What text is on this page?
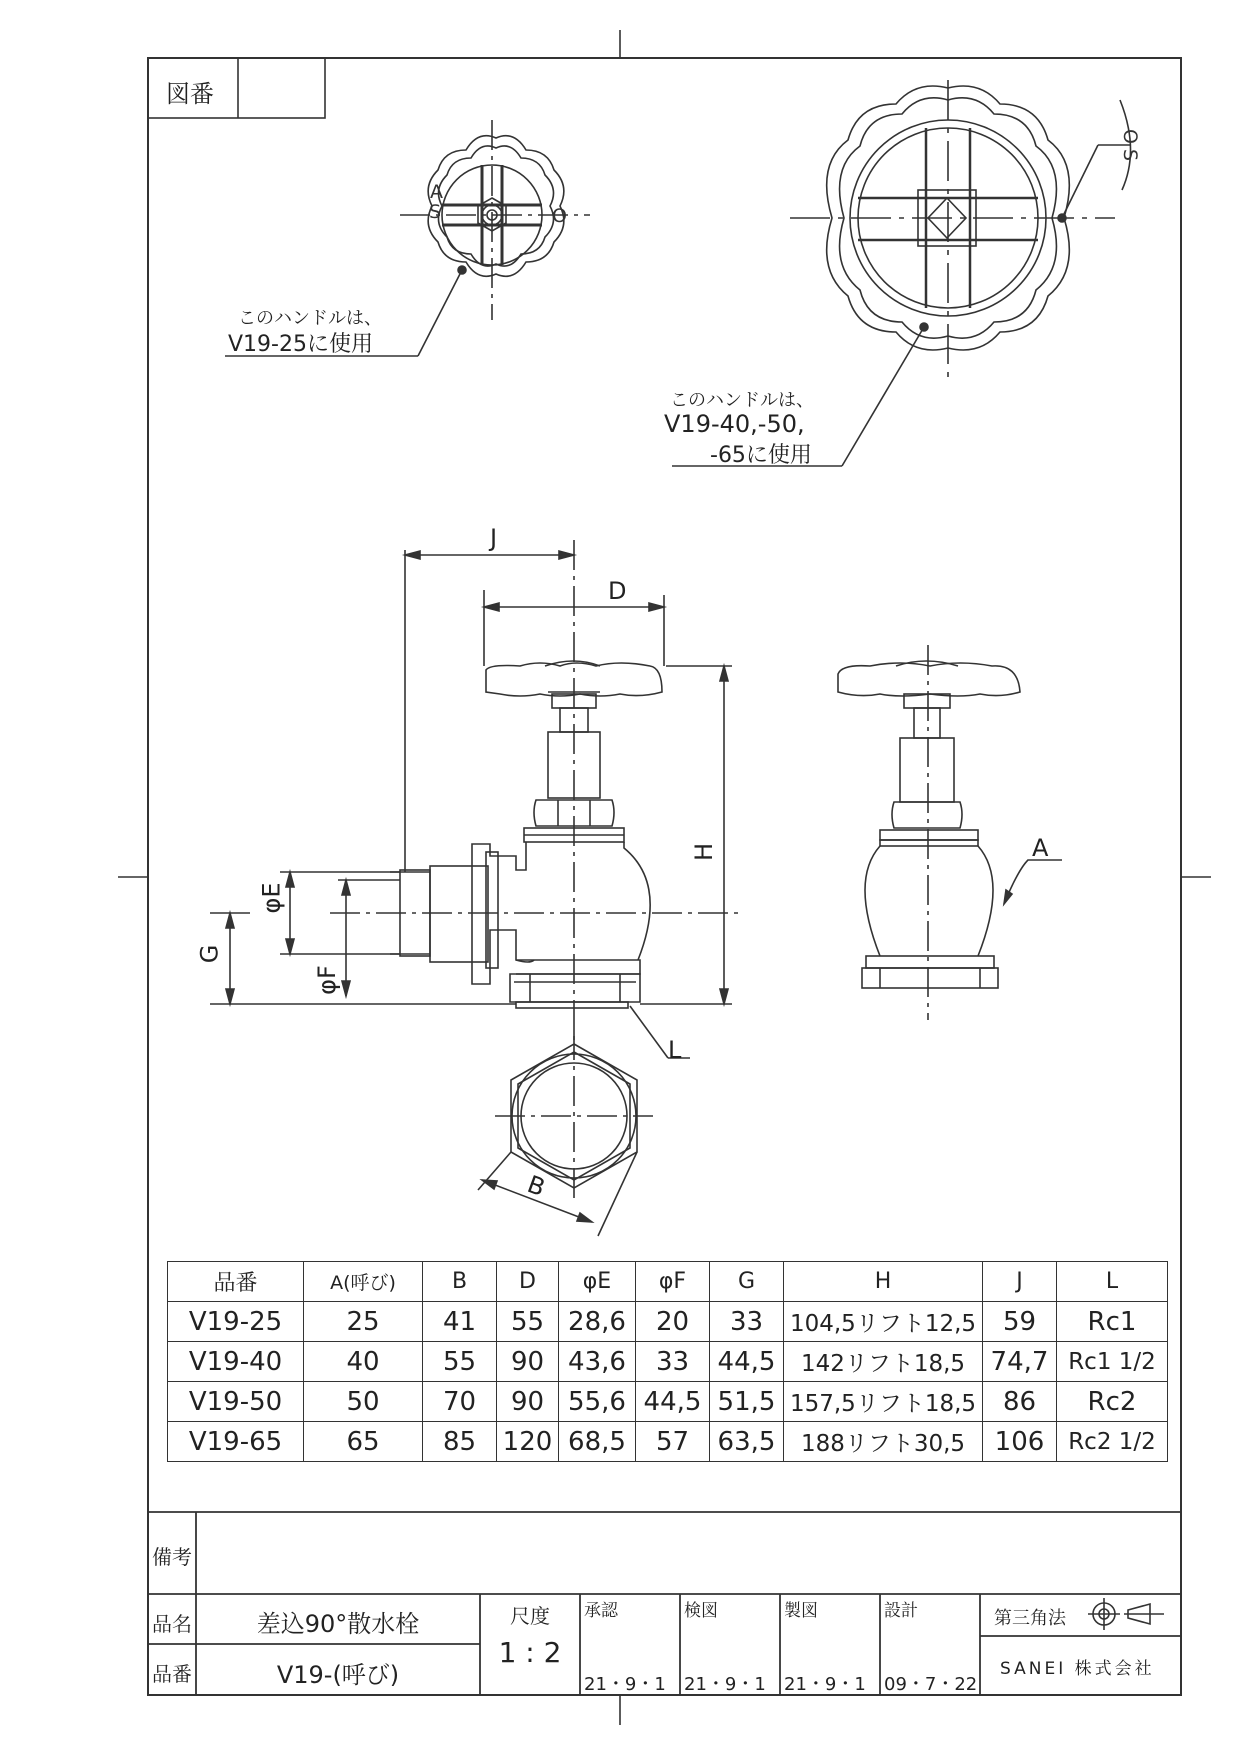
S
A
O
O
S
図番
このハンドルは、
V19-25に使用
このハンドルは、
V19-40,-50,
-65に使用
J
D
H
G
φE
φF
L
B
A
品番	A(呼び)	B	D	φE	φF	G	H	J	L
V19-25	25	41	55	28,6	20	33	104,5リフト12,5	59	Rc1
V19-40	40	55	90	43,6	33	44,5	142リフト18,5	74,7	Rc1 1/2
V19-50	50	70	90	55,6	44,5	51,5	157,5リフト18,5	86	Rc2
V19-65	65	85	120	68,5	57	63,5	188リフト30,5	106	Rc2 1/2
備考
品名	差込90°散水栓
品番	V19-(呼び)
尺度
1 : 2
承認
21・9・1
検図
21・9・1
製図
21・9・1
設計
09・7・22
第三角法
SANEI 株式会社
